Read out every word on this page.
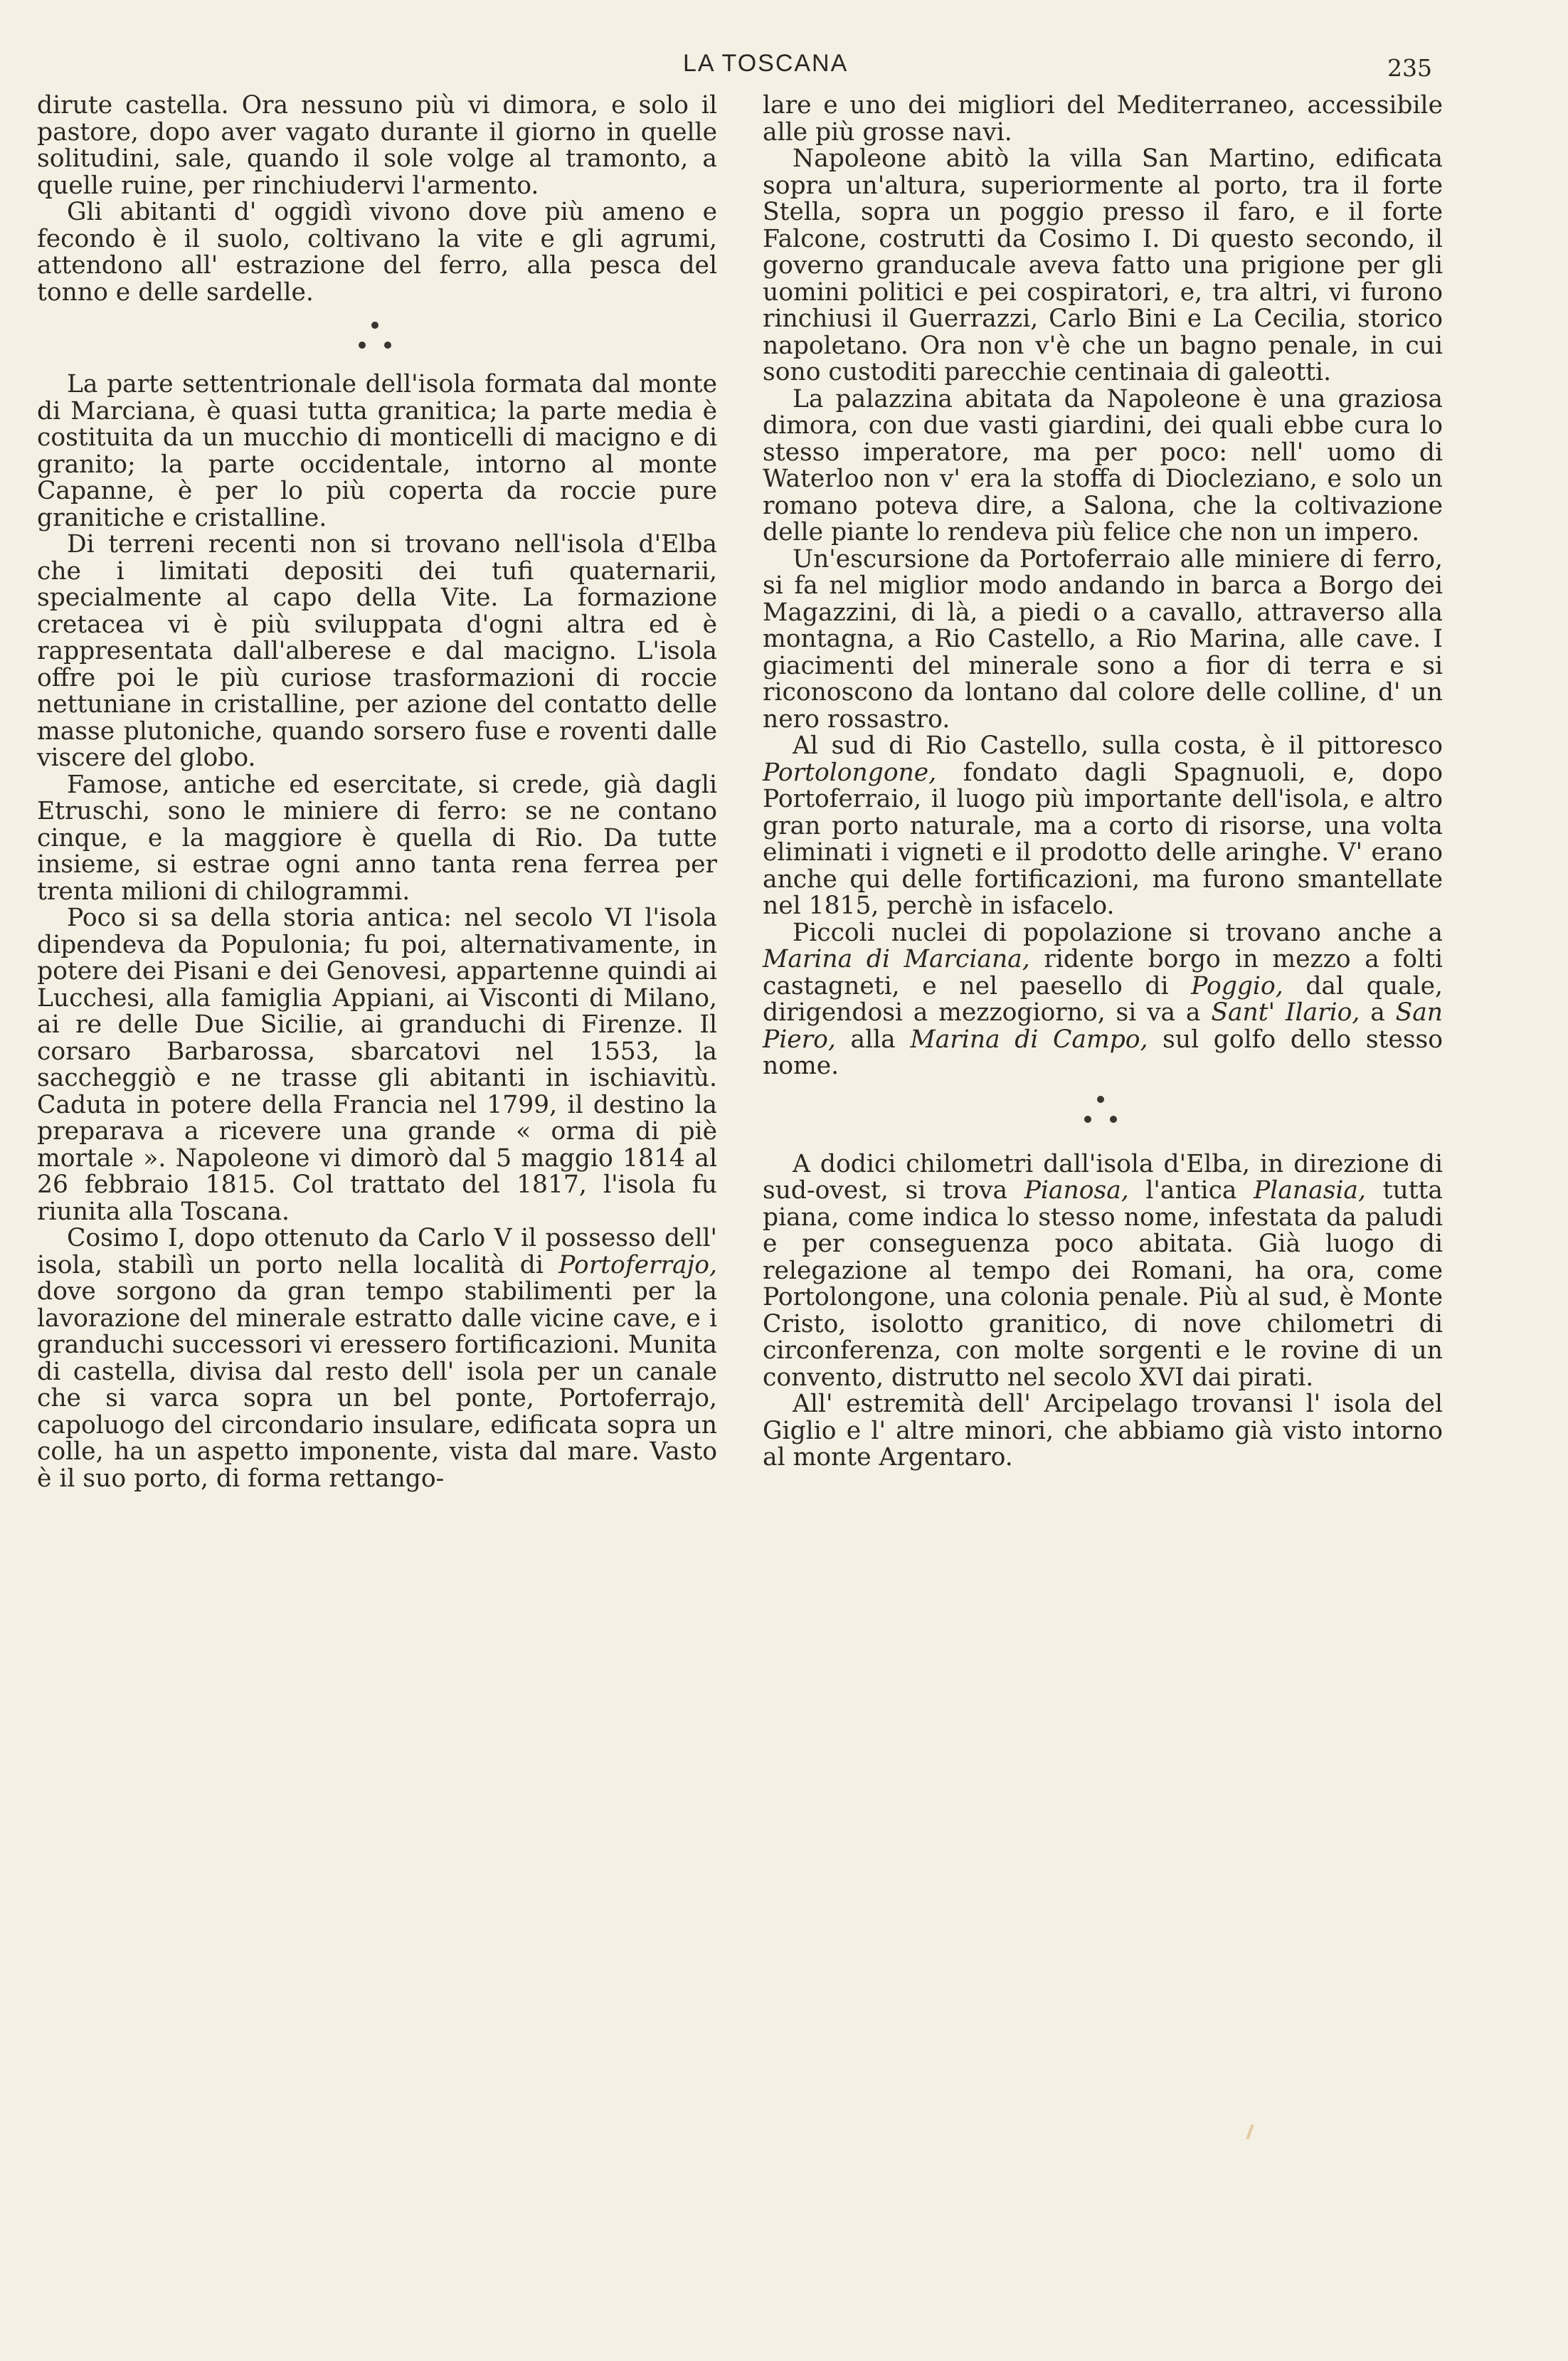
LA TOSCANA	235

dirute castella. Ora nessuno più vi dimora, e solo il pastore, dopo aver vagato durante il giorno in quelle solitudini, sale, quando il sole volge al tramonto, a quelle ruine, per rinchiudervi l'armento.

Gli abitanti d' oggidì vivono dove più ameno e fecondo è il suolo, coltivano la vite e gli agrumi, attendono all' estrazione del ferro, alla pesca del tonno e delle sardelle.

La parte settentrionale dell'isola formata dal monte di Marciana, è quasi tutta granitica; la parte media è costituita da un mucchio di monticelli di macigno e di granito; la parte occidentale, intorno al monte Capanne, è per lo più coperta da roccie pure granitiche e cristalline.

Di terreni recenti non si trovano nell'isola d'Elba che i limitati depositi dei tufi quaternarii, specialmente al capo della Vite. La formazione cretacea vi è più sviluppata d'ogni altra ed è rappresentata dall'alberese e dal macigno. L'isola offre poi le più curiose trasformazioni di roccie nettuniane in cristalline, per azione del contatto delle masse plutoniche, quando sorsero fuse e roventi dalle viscere del globo.

Famose, antiche ed esercitate, si crede, già dagli Etruschi, sono le miniere di ferro: se ne contano cinque, e la maggiore è quella di Rio. Da tutte insieme, si estrae ogni anno tanta rena ferrea per trenta milioni di chilogrammi.

Poco si sa della storia antica: nel secolo VI l'isola dipendeva da Populonia; fu poi, alternativamente, in potere dei Pisani e dei Genovesi, appartenne quindi ai Lucchesi, alla famiglia Appiani, ai Visconti di Milano, ai re delle Due Sicilie, ai granduchi di Firenze. Il corsaro Barbarossa, sbarcatovi nel 1553, la saccheggiò e ne trasse gli abitanti in ischiavitù. Caduta in potere della Francia nel 1799, il destino la preparava a ricevere una grande « orma di piè mortale ». Napoleone vi dimorò dal 5 maggio 1814 al 26 febbraio 1815. Col trattato del 1817, l'isola fu riunita alla Toscana.

Cosimo I, dopo ottenuto da Carlo V il possesso dell' isola, stabilì un porto nella località di Portoferrajo, dove sorgono da gran tempo stabilimenti per la lavorazione del minerale estratto dalle vicine cave, e i granduchi successori vi eressero fortificazioni. Munita di castella, divisa dal resto dell' isola per un canale che si varca sopra un bel ponte, Portoferrajo, capoluogo del circondario insulare, edificata sopra un colle, ha un aspetto imponente, vista dal mare. Vasto è il suo porto, di forma rettango-

lare e uno dei migliori del Mediterraneo, accessibile alle più grosse navi.

Napoleone abitò la villa San Martino, edificata sopra un'altura, superiormente al porto, tra il forte Stella, sopra un poggio presso il faro, e il forte Falcone, costrutti da Cosimo I. Di questo secondo, il governo granducale aveva fatto una prigione per gli uomini politici e pei cospiratori, e, tra altri, vi furono rinchiusi il Guerrazzi, Carlo Bini e La Cecilia, storico napoletano. Ora non v'è che un bagno penale, in cui sono custoditi parecchie centinaia di galeotti.

La palazzina abitata da Napoleone è una graziosa dimora, con due vasti giardini, dei quali ebbe cura lo stesso imperatore, ma per poco: nell' uomo di Waterloo non v' era la stoffa di Diocleziano, e solo un romano poteva dire, a Salona, che la coltivazione delle piante lo rendeva più felice che non un impero.

Un'escursione da Portoferraio alle miniere di ferro, si fa nel miglior modo andando in barca a Borgo dei Magazzini, di là, a piedi o a cavallo, attraverso alla montagna, a Rio Castello, a Rio Marina, alle cave. I giacimenti del minerale sono a fior di terra e si riconoscono da lontano dal colore delle colline, d' un nero rossastro.

Al sud di Rio Castello, sulla costa, è il pittoresco Portolongone, fondato dagli Spagnuoli, e, dopo Portoferraio, il luogo più importante dell'isola, e altro gran porto naturale, ma a corto di risorse, una volta eliminati i vigneti e il prodotto delle aringhe. V' erano anche qui delle fortificazioni, ma furono smantellate nel 1815, perchè in isfacelo.

Piccoli nuclei di popolazione si trovano anche a Marina di Marciana, ridente borgo in mezzo a folti castagneti, e nel paesello di Poggio, dal quale, dirigendosi a mezzogiorno, si va a Sant' Ilario, a San Piero, alla Marina di Campo, sul golfo dello stesso nome.

A dodici chilometri dall'isola d'Elba, in direzione di sud-ovest, si trova Pianosa, l'antica Planasia, tutta piana, come indica lo stesso nome, infestata da paludi e per conseguenza poco abitata. Già luogo di relegazione al tempo dei Romani, ha ora, come Portolongone, una colonia penale. Più al sud, è Monte Cristo, isolotto granitico, di nove chilometri di circonferenza, con molte sorgenti e le rovine di un convento, distrutto nel secolo XVI dai pirati.

All' estremità dell' Arcipelago trovansi l' isola del Giglio e l' altre minori, che abbiamo già visto intorno al monte Argentaro.
